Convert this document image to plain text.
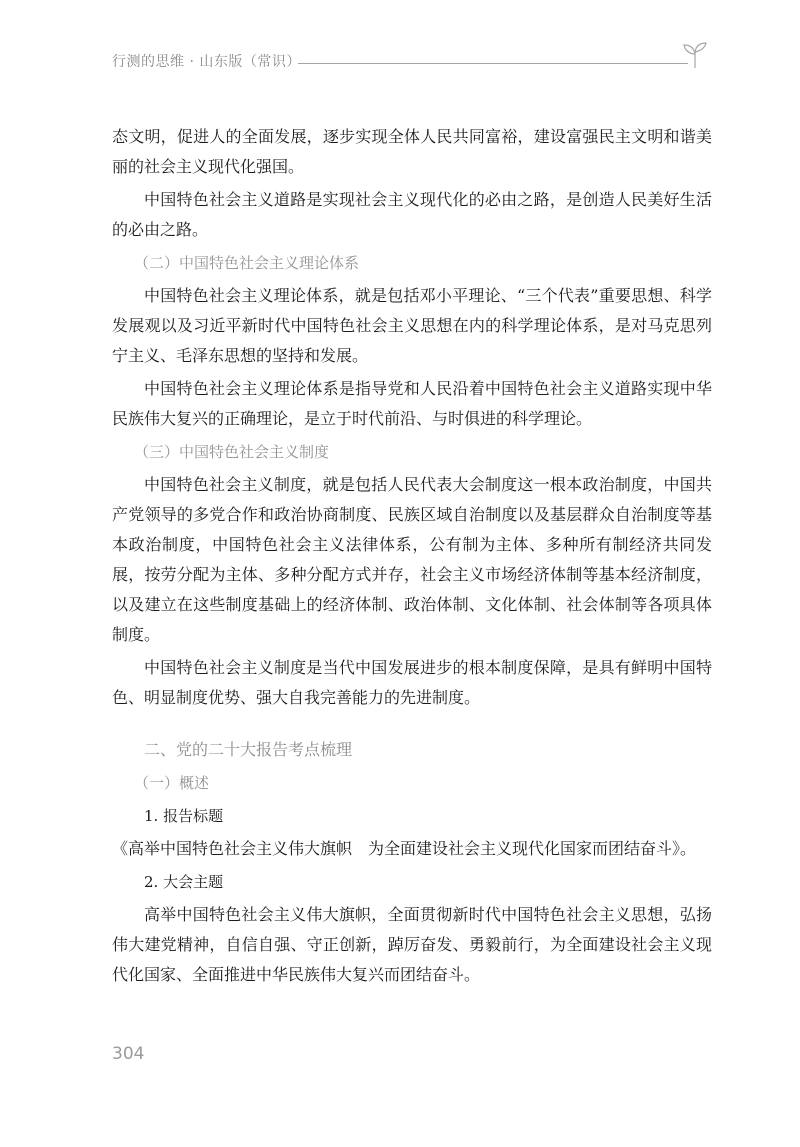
行测的思维 · 山东版（常识）

态文明，促进人的全面发展，逐步实现全体人民共同富裕，建设富强民主文明和谐美丽的社会主义现代化强国。

中国特色社会主义道路是实现社会主义现代化的必由之路，是创造人民美好生活的必由之路。

（二）中国特色社会主义理论体系

中国特色社会主义理论体系，就是包括邓小平理论、“三个代表”重要思想、科学发展观以及习近平新时代中国特色社会主义思想在内的科学理论体系，是对马克思列宁主义、毛泽东思想的坚持和发展。

中国特色社会主义理论体系是指导党和人民沿着中国特色社会主义道路实现中华民族伟大复兴的正确理论，是立于时代前沿、与时俱进的科学理论。

（三）中国特色社会主义制度

中国特色社会主义制度，就是包括人民代表大会制度这一根本政治制度，中国共产党领导的多党合作和政治协商制度、民族区域自治制度以及基层群众自治制度等基本政治制度，中国特色社会主义法律体系，公有制为主体、多种所有制经济共同发展，按劳分配为主体、多种分配方式并存，社会主义市场经济体制等基本经济制度，以及建立在这些制度基础上的经济体制、政治体制、文化体制、社会体制等各项具体制度。

中国特色社会主义制度是当代中国发展进步的根本制度保障，是具有鲜明中国特色、明显制度优势、强大自我完善能力的先进制度。

二、党的二十大报告考点梳理
（一）概述
1. 报告标题
《高举中国特色社会主义伟大旗帜　为全面建设社会主义现代化国家而团结奋斗》。
2. 大会主题

高举中国特色社会主义伟大旗帜，全面贯彻新时代中国特色社会主义思想，弘扬伟大建党精神，自信自强、守正创新，踔厉奋发、勇毅前行，为全面建设社会主义现代化国家、全面推进中华民族伟大复兴而团结奋斗。

304
